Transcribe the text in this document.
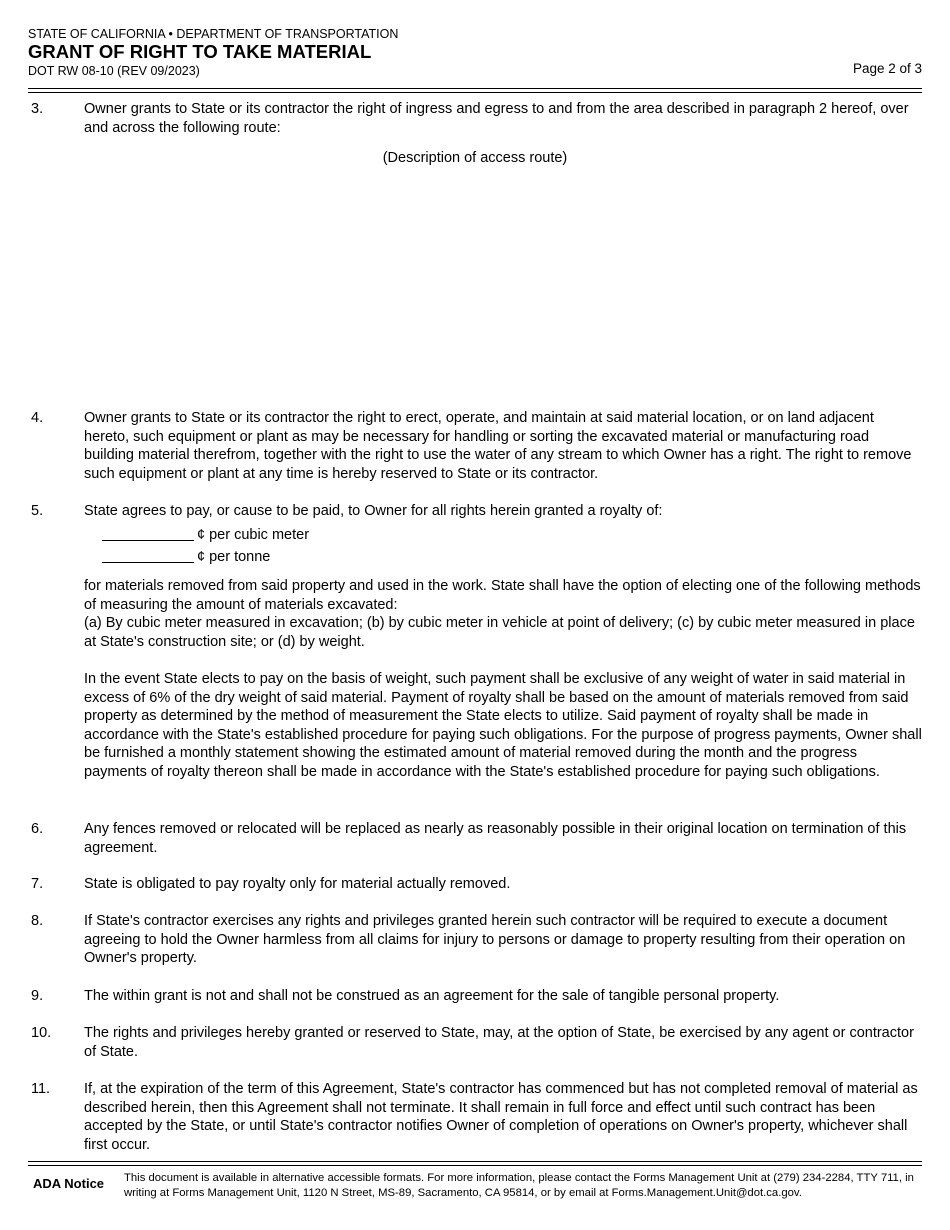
STATE OF CALIFORNIA • DEPARTMENT OF TRANSPORTATION
GRANT OF RIGHT TO TAKE MATERIAL
DOT RW 08-10 (REV 09/2023)	Page 2 of 3
3.	Owner grants to State or its contractor the right of ingress and egress to and from the area described in paragraph 2 hereof, over and across the following route:
(Description of access route)
4.	Owner grants to State or its contractor the right to erect, operate, and maintain at said material location, or on land adjacent hereto, such equipment or plant as may be necessary for handling or sorting the excavated material or manufacturing road building material therefrom, together with the right to use the water of any stream to which Owner has a right. The right to remove such equipment or plant at any time is hereby reserved to State or its contractor.
5.	State agrees to pay, or cause to be paid, to Owner for all rights herein granted a royalty of:
¢ per cubic meter
¢ per tonne
for materials removed from said property and used in the work. State shall have the option of electing one of the following methods of measuring the amount of materials excavated:
(a) By cubic meter measured in excavation; (b) by cubic meter in vehicle at point of delivery; (c) by cubic meter measured in place at State's construction site; or (d) by weight.
In the event State elects to pay on the basis of weight, such payment shall be exclusive of any weight of water in said material in excess of 6% of the dry weight of said material. Payment of royalty shall be based on the amount of materials removed from said property as determined by the method of measurement the State elects to utilize. Said payment of royalty shall be made in accordance with the State's established procedure for paying such obligations. For the purpose of progress payments, Owner shall be furnished a monthly statement showing the estimated amount of material removed during the month and the progress payments of royalty thereon shall be made in accordance with the State's established procedure for paying such obligations.
6.	Any fences removed or relocated will be replaced as nearly as reasonably possible in their original location on termination of this agreement.
7.	State is obligated to pay royalty only for material actually removed.
8.	If State's contractor exercises any rights and privileges granted herein such contractor will be required to execute a document agreeing to hold the Owner harmless from all claims for injury to persons or damage to property resulting from their operation on Owner's property.
9.	The within grant is not and shall not be construed as an agreement for the sale of tangible personal property.
10.	The rights and privileges hereby granted or reserved to State, may, at the option of State, be exercised by any agent or contractor of State.
11.	If, at the expiration of the term of this Agreement, State's contractor has commenced but has not completed removal of material as described herein, then this Agreement shall not terminate. It shall remain in full force and effect until such contract has been accepted by the State, or until State's contractor notifies Owner of completion of operations on Owner's property, whichever shall first occur.
ADA Notice This document is available in alternative accessible formats. For more information, please contact the Forms Management Unit at (279) 234-2284, TTY 711, in writing at Forms Management Unit, 1120 N Street, MS-89, Sacramento, CA 95814, or by email at Forms.Management.Unit@dot.ca.gov.
